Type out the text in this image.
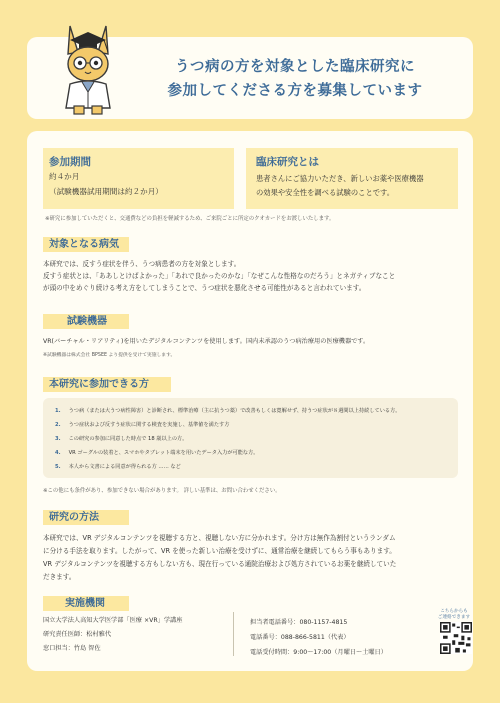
うつ病の方を対象とした臨床研究に
参加してくださる方を募集しています
参加期間

約４か月

（試験機器試用期間は約２か月）

臨床研究とは

患者さんにご協力いただき、新しいお薬や医療機器

の効果や安全性を調べる試験のことです。

※研究に参加していただくと、交通費などの負担を軽減するため、ご来院ごとに所定のクオカードをお渡しいたします。
対象となる病気
本研究では、反すう症状を伴う、うつ病患者の方を対象とします。
反すう症状とは、「ああしとけばよかった」「あれで良かったのかな」「なぜこんな性格なのだろう」とネガティブなこと
が頭の中をめぐり続ける考え方をしてしまうことで、うつ症状を悪化させる可能性があると言われています。
試験機器
VR(バーチャル・リアリティ)を用いたデジタルコンテンツを使用します。国内未承認のうつ病治療用の医療機器です。
※試験機器は株式会社 BPSEE より提供を受けて実施します。
本研究に参加できる方
1. うつ病（または大うつ病性障害）と診断され、標準治療（主に抗うつ薬）で改善もしくは寛解せず、持うつ症状が８週間以上持続している方。
2. うつ症状および反すう症状に関する検査を実施し、基準値を満たす方
3. この研究の参加に同意した時点で 18 歳以上の方。
4. VR ゴーグルの装着と、スマホやタブレット端末を用いたデータ入力が可能な方。
5. 本人から文書による同意が得られる方 …… など
※この他にも条件があり、参加できない場合があります。 詳しい基準は、お問い合わせください。
研究の方法
本研究では、VR デジタルコンテンツを視聴する方と、視聴しない方に分かれます。分け方は無作為割付というランダム
に分ける手法を取ります。したがって、VR を使った新しい治療を受けずに、通常治療を継続してもらう事もあります。
VR デジタルコンテンツを視聴する方もしない方も、現在行っている通院治療および処方されているお薬を継続していた
だきます。
実施機関
国立大学法人高知大学医学部「医療 ×VR」学講座
研究責任医師：松村雅代
窓口担当：竹島 智佐
担当者電話番号：080-1157-4815
電話番号：088-866-5811（代表）
電話受付時間：9:00～17:00（月曜日～土曜日）
こちらからも
ご連絡できます
